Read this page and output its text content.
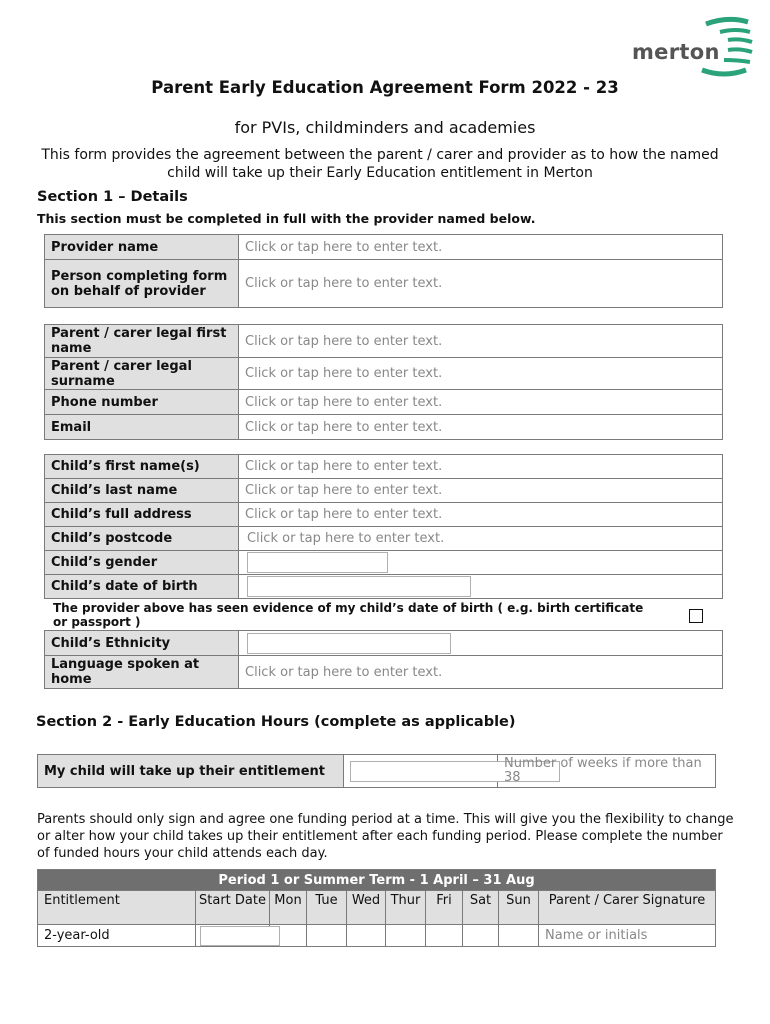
merton
Parent Early Education Agreement Form 2022 - 23
for PVIs, childminders and academies
This form provides the agreement between the parent / carer and provider as to how the named child will take up their Early Education entitlement in Merton
Section 1 – Details
This section must be completed in full with the provider named below.
Provider name	Click or tap here to enter text.
Person completing form on behalf of provider	Click or tap here to enter text.
Parent / carer legal first name	Click or tap here to enter text.
Parent / carer legal surname	Click or tap here to enter text.
Phone number	Click or tap here to enter text.
Email	Click or tap here to enter text.
Child’s first name(s)	Click or tap here to enter text.
Child’s last name	Click or tap here to enter text.
Child’s full address	Click or tap here to enter text.
Child’s postcode	Click or tap here to enter text.
Child’s gender	
Child’s date of birth	
The provider above has seen evidence of my child’s date of birth ( e.g. birth certificate or passport )
Child’s Ethnicity	
Language spoken at home	Click or tap here to enter text.
Section 2 - Early Education Hours (complete as applicable)
My child will take up their entitlement		Number of weeks if more than 38
Parents should only sign and agree one funding period at a time. This will give you the flexibility to change or alter how your child takes up their entitlement after each funding period. Please complete the number of funded hours your child attends each day.
Period 1 or Summer Term - 1 April – 31 Aug									
Entitlement	Start Date	Mon	Tue	Wed	Thur	Fri	Sat	Sun	Parent / Carer Signature
2-year-old									Name or initials
